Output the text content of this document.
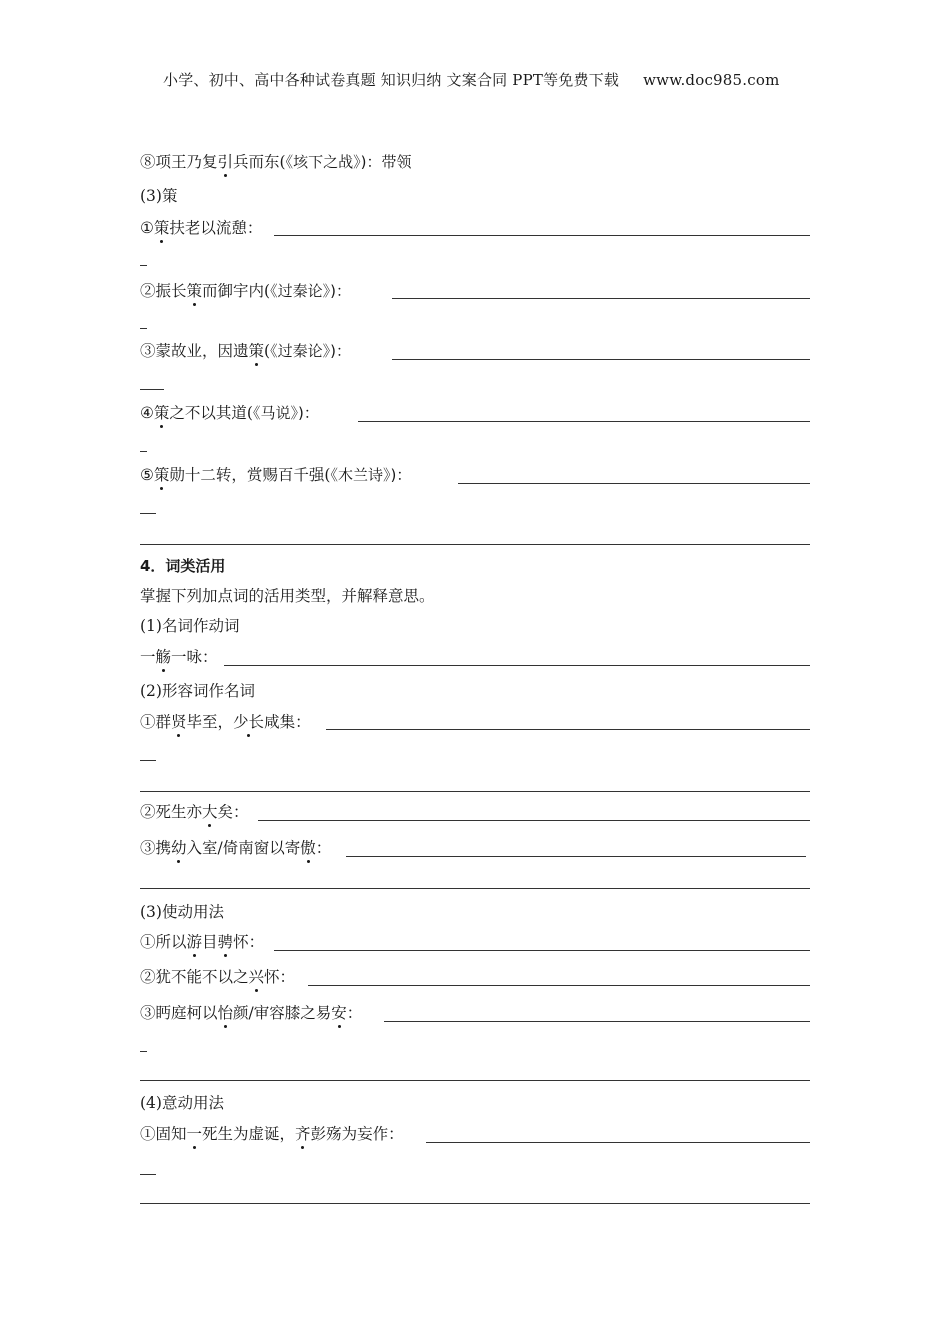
小学、初中、高中各种试卷真题 知识归纳 文案合同 PPT等免费下载 www.doc985.com
⑧项王乃复引兵而东(《垓下之战》)：带领
(3)策
①策扶老以流憩：
②振长策而御宇内(《过秦论》)：
③蒙故业，因遗策(《过秦论》)：
④策之不以其道(《马说》)：
⑤策勋十二转，赏赐百千强(《木兰诗》)：
4．词类活用
掌握下列加点词的活用类型，并解释意思。
(1)名词作动词
一觞一咏：
(2)形容词作名词
①群贤毕至，少长咸集：
②死生亦大矣：
③携幼入室/倚南窗以寄傲：
(3)使动用法
①所以游目骋怀：
②犹不能不以之兴怀：
③眄庭柯以怡颜/审容膝之易安：
(4)意动用法
①固知一死生为虚诞，齐彭殇为妄作：
